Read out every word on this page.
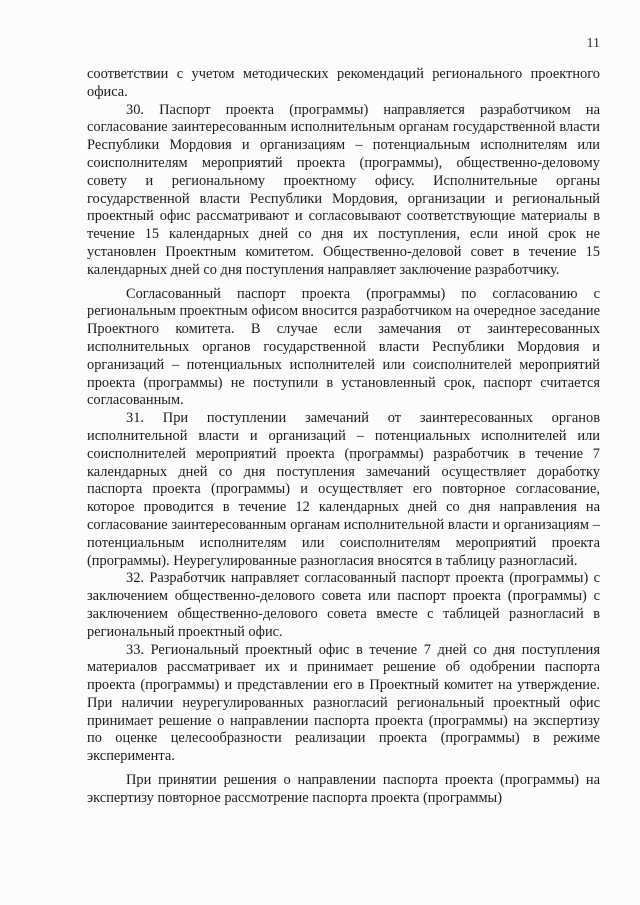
11

соответствии с учетом методических рекомендаций регионального проектного офиса.

30. Паспорт проекта (программы) направляется разработчиком на согласование заинтересованным исполнительным органам государственной власти Республики Мордовия и организациям – потенциальным исполнителям или соисполнителям мероприятий проекта (программы), общественно-деловому совету и региональному проектному офису. Исполнительные органы государственной власти Республики Мордовия, организации и региональный проектный офис рассматривают и согласовывают соответствующие материалы в течение 15 календарных дней со дня их поступления, если иной срок не установлен Проектным комитетом. Общественно-деловой совет в течение 15 календарных дней со дня поступления направляет заключение разработчику.

Согласованный паспорт проекта (программы) по согласованию с региональным проектным офисом вносится разработчиком на очередное заседание Проектного комитета. В случае если замечания от заинтересованных исполнительных органов государственной власти Республики Мордовия и организаций – потенциальных исполнителей или соисполнителей мероприятий проекта (программы) не поступили в установленный срок, паспорт считается согласованным.

31. При поступлении замечаний от заинтересованных органов исполнительной власти и организаций – потенциальных исполнителей или соисполнителей мероприятий проекта (программы) разработчик в течение 7 календарных дней со дня поступления замечаний осуществляет доработку паспорта проекта (программы) и осуществляет его повторное согласование, которое проводится в течение 12 календарных дней со дня направления на согласование заинтересованным органам исполнительной власти и организациям – потенциальным исполнителям или соисполнителям мероприятий проекта (программы). Неурегулированные разногласия вносятся в таблицу разногласий.

32. Разработчик направляет согласованный паспорт проекта (программы) с заключением общественно-делового совета или паспорт проекта (программы) с заключением общественно-делового совета вместе с таблицей разногласий в региональный проектный офис.

33. Региональный проектный офис в течение 7 дней со дня поступления материалов рассматривает их и принимает решение об одобрении паспорта проекта (программы) и представлении его в Проектный комитет на утверждение. При наличии неурегулированных разногласий региональный проектный офис принимает решение о направлении паспорта проекта (программы) на экспертизу по оценке целесообразности реализации проекта (программы) в режиме эксперимента.

При принятии решения о направлении паспорта проекта (программы) на экспертизу повторное рассмотрение паспорта проекта (программы)
